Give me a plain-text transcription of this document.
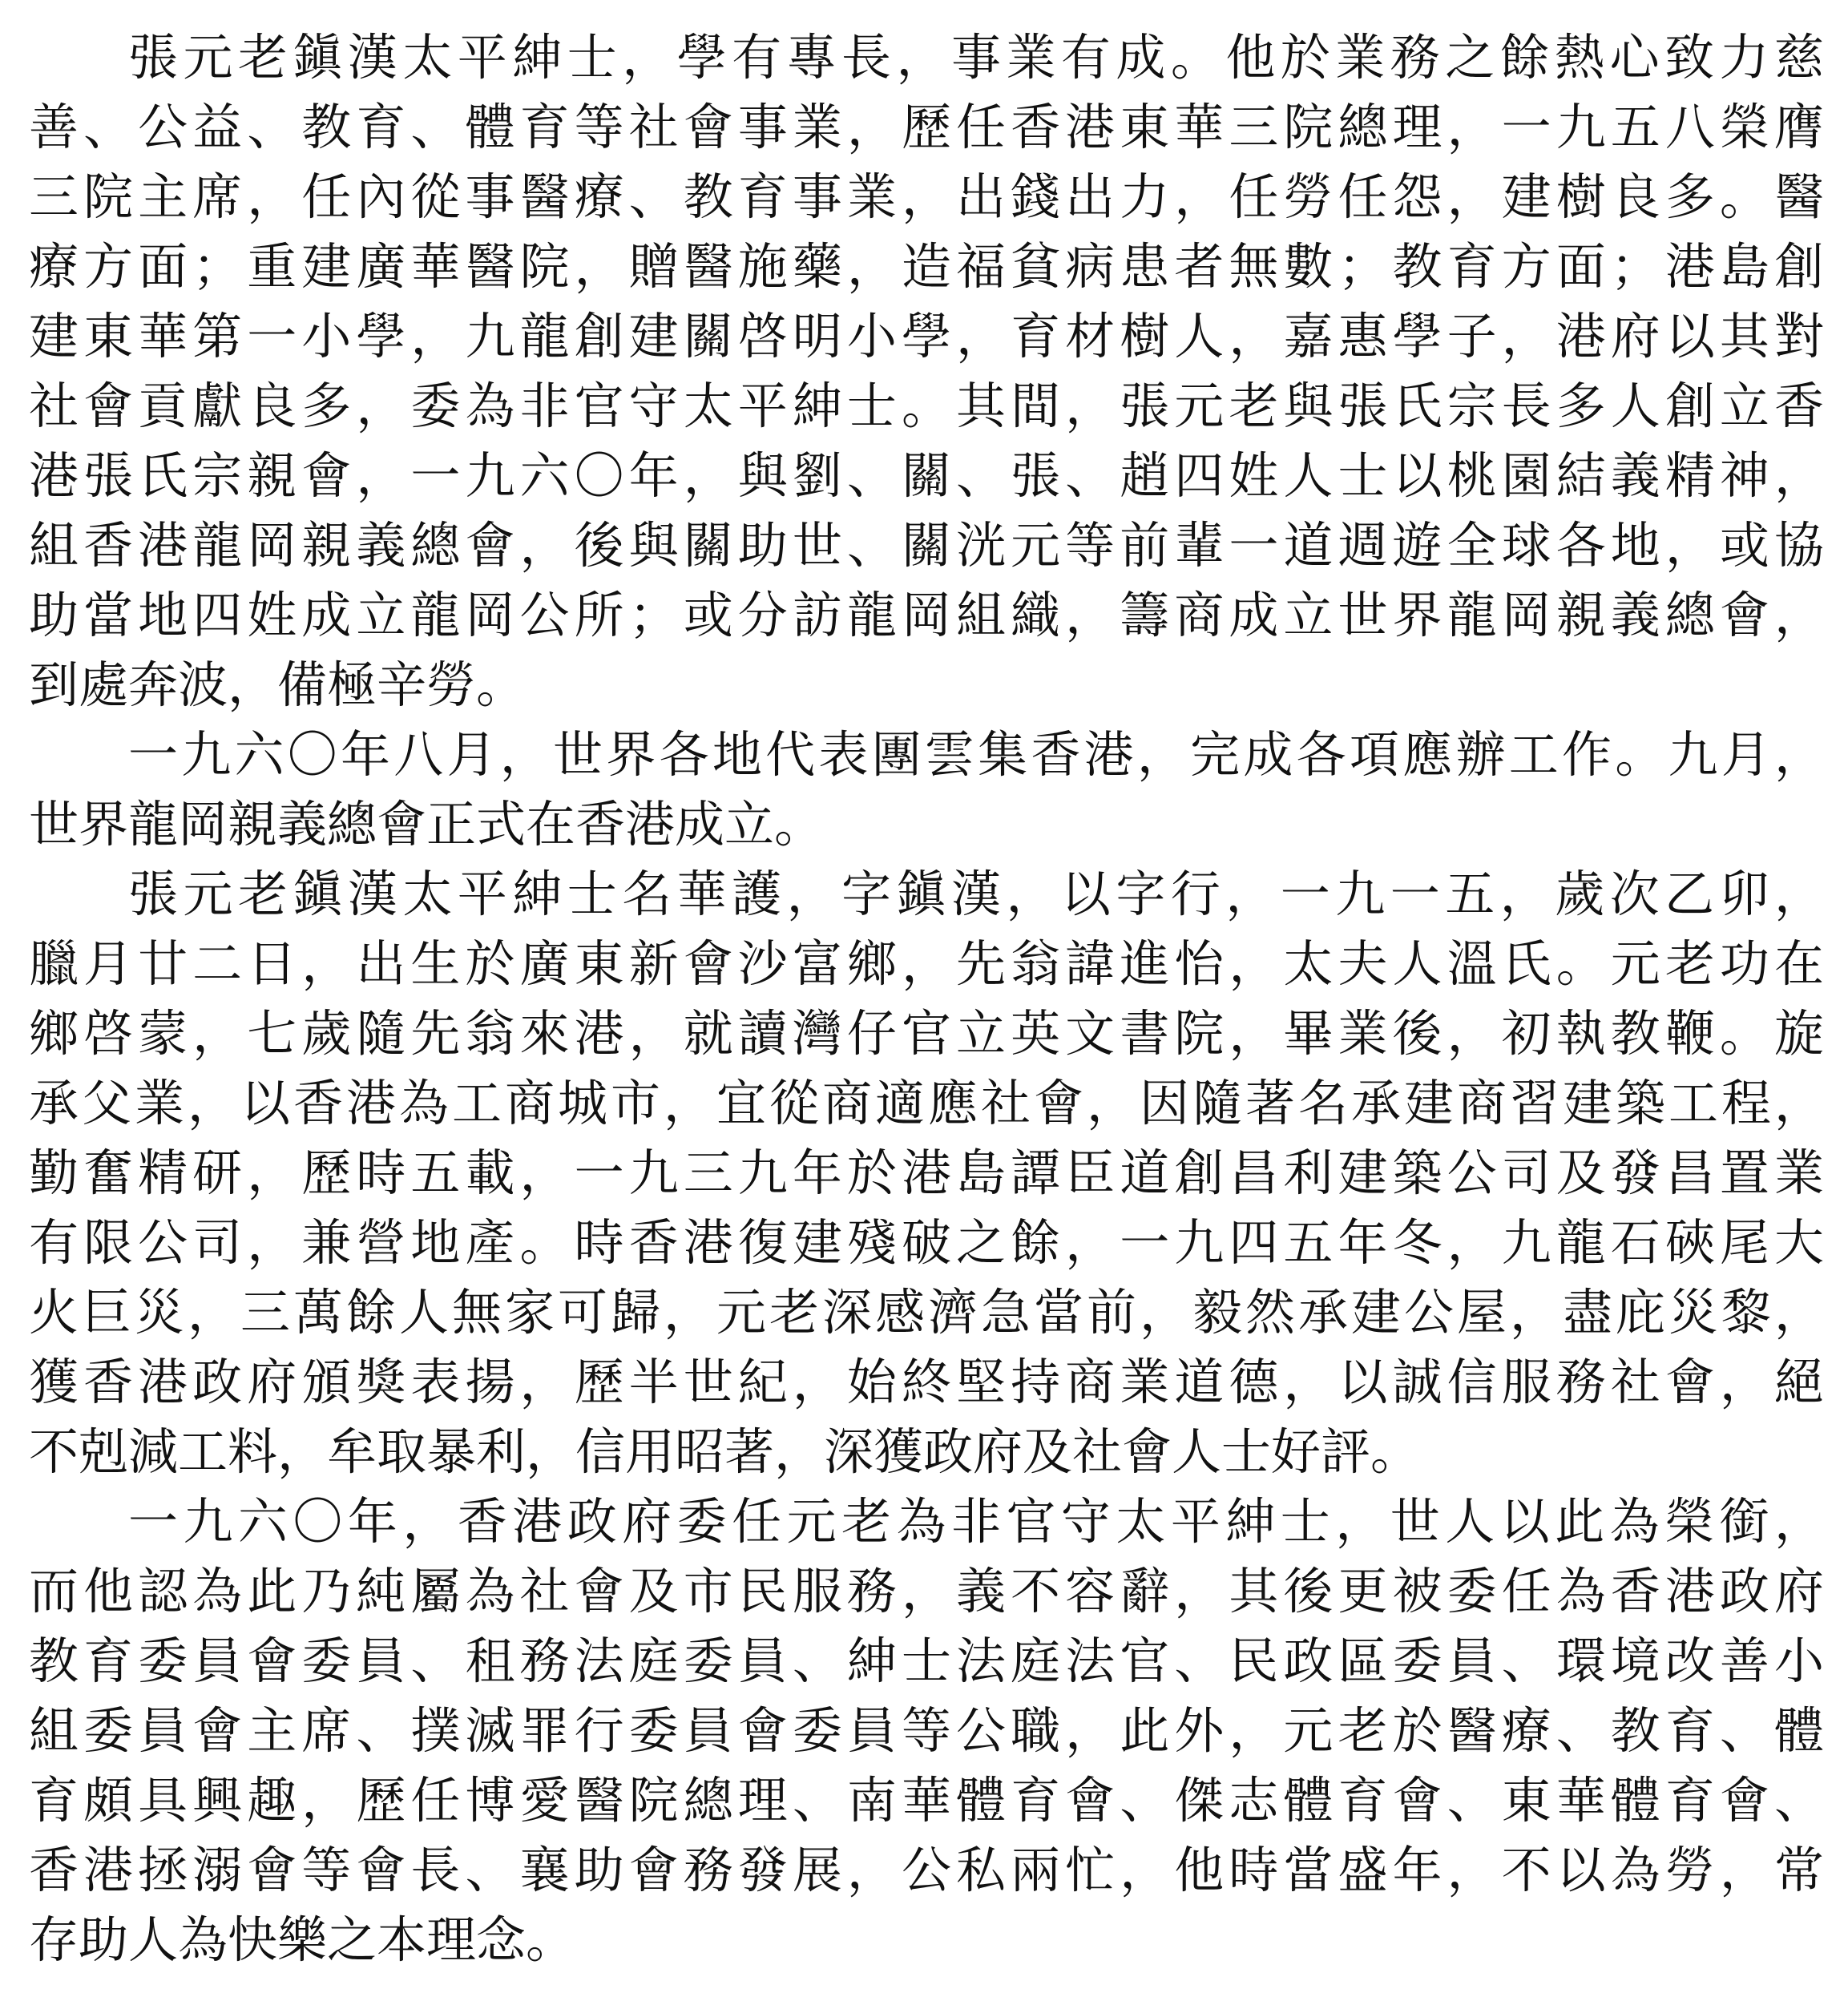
張元老鎭漢太平紳士，學有專長，事業有成。他於業務之餘熱心致力慈
善、公益、教育、體育等社會事業，歷任香港東華三院總理，一九五八榮膺
三院主席，任內從事醫療、教育事業，出錢出力，任勞任怨，建樹良多。醫
療方面；重建廣華醫院，贈醫施藥，造福貧病患者無數；教育方面；港島創
建東華第一小學，九龍創建關啓明小學，育材樹人，嘉惠學子，港府以其對
社會貢獻良多，委為非官守太平紳士。其間，張元老與張氏宗長多人創立香
港張氏宗親會，一九六〇年，與劉、關、張、趙四姓人士以桃園結義精神，
組香港龍岡親義總會，後與關助世、關洸元等前輩一道週遊全球各地，或協
助當地四姓成立龍岡公所；或分訪龍岡組織，籌商成立世界龍岡親義總會，
到處奔波，備極辛勞。
一九六〇年八月，世界各地代表團雲集香港，完成各項應辦工作。九月，
世界龍岡親義總會正式在香港成立。
張元老鎭漢太平紳士名華護，字鎭漢，以字行，一九一五，歲次乙卯，
臘月廿二日，出生於廣東新會沙富鄉，先翁諱進怡，太夫人溫氏。元老功在
鄉啓蒙，七歲隨先翁來港，就讀灣仔官立英文書院，畢業後，初執教鞭。旋
承父業，以香港為工商城市，宜從商適應社會，因隨著名承建商習建築工程，
勤奮精研，歷時五載，一九三九年於港島譚臣道創昌利建築公司及發昌置業
有限公司，兼營地產。時香港復建殘破之餘，一九四五年冬，九龍石硤尾大
火巨災，三萬餘人無家可歸，元老深感濟急當前，毅然承建公屋，盡庇災黎，
獲香港政府頒獎表揚，歷半世紀，始終堅持商業道德，以誠信服務社會，絕
不剋減工料，牟取暴利，信用昭著，深獲政府及社會人士好評。
一九六〇年，香港政府委任元老為非官守太平紳士，世人以此為榮銜，
而他認為此乃純屬為社會及市民服務，義不容辭，其後更被委任為香港政府
教育委員會委員、租務法庭委員、紳士法庭法官、民政區委員、環境改善小
組委員會主席、撲滅罪行委員會委員等公職，此外，元老於醫療、教育、體
育頗具興趣，歷任博愛醫院總理、南華體育會、傑志體育會、東華體育會、
香港拯溺會等會長、襄助會務發展，公私兩忙，他時當盛年，不以為勞，常
存助人為快樂之本理念。
